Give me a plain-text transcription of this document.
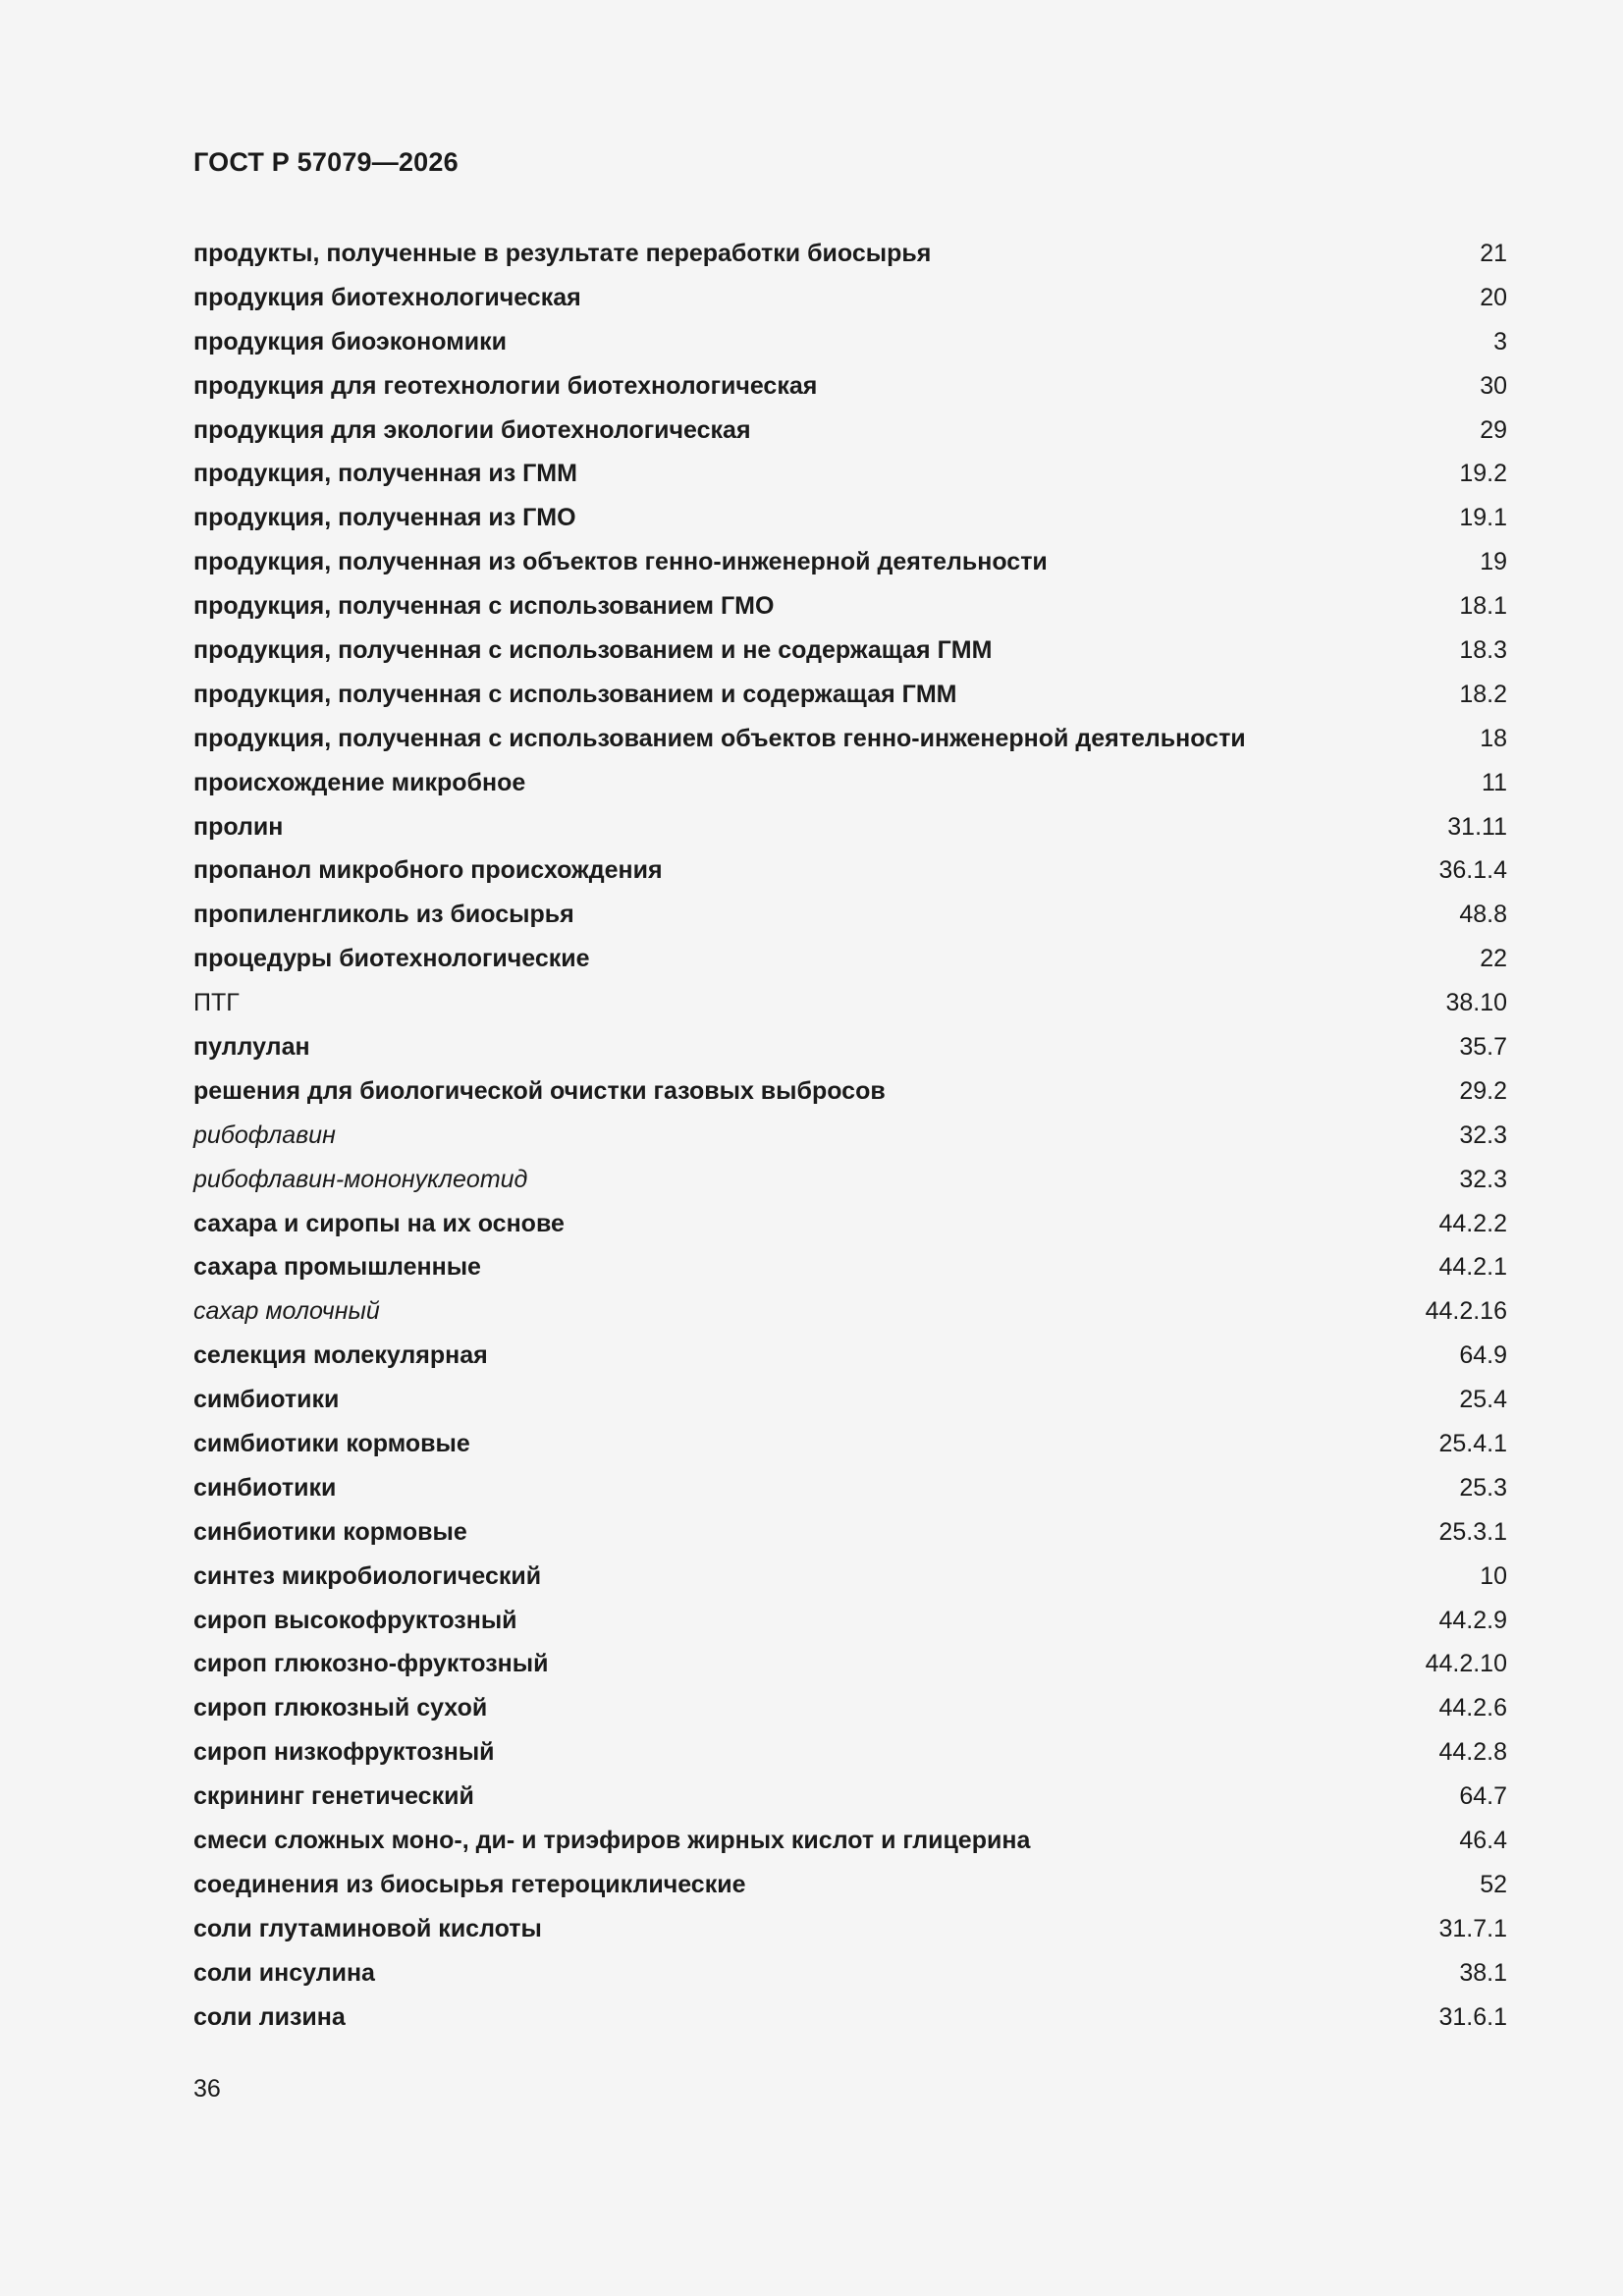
ГОСТ Р 57079—2026
продукты, полученные в результате переработки биосырья	21
продукция биотехнологическая	20
продукция биоэкономики	3
продукция для геотехнологии биотехнологическая	30
продукция для экологии биотехнологическая	29
продукция, полученная из ГММ	19.2
продукция, полученная из ГМО	19.1
продукция, полученная из объектов генно-инженерной деятельности	19
продукция, полученная с использованием ГМО	18.1
продукция, полученная с использованием и не содержащая ГММ	18.3
продукция, полученная с использованием и содержащая ГММ	18.2
продукция, полученная с использованием объектов генно-инженерной деятельности	18
происхождение микробное	11
пролин	31.11
пропанол микробного происхождения	36.1.4
пропиленгликоль из биосырья	48.8
процедуры биотехнологические	22
ПТГ	38.10
пуллулан	35.7
решения для биологической очистки газовых выбросов	29.2
рибофлавин	32.3
рибофлавин-мононуклеотид	32.3
сахара и сиропы на их основе	44.2.2
сахара промышленные	44.2.1
сахар молочный	44.2.16
селекция молекулярная	64.9
симбиотики	25.4
симбиотики кормовые	25.4.1
синбиотики	25.3
синбиотики кормовые	25.3.1
синтез микробиологический	10
сироп высокофруктозный	44.2.9
сироп глюкозно-фруктозный	44.2.10
сироп глюкозный сухой	44.2.6
сироп низкофруктозный	44.2.8
скрининг генетический	64.7
смеси сложных моно-, ди- и триэфиров жирных кислот и глицерина	46.4
соединения из биосырья гетероциклические	52
соли глутаминовой кислоты	31.7.1
соли инсулина	38.1
соли лизина	31.6.1
36
